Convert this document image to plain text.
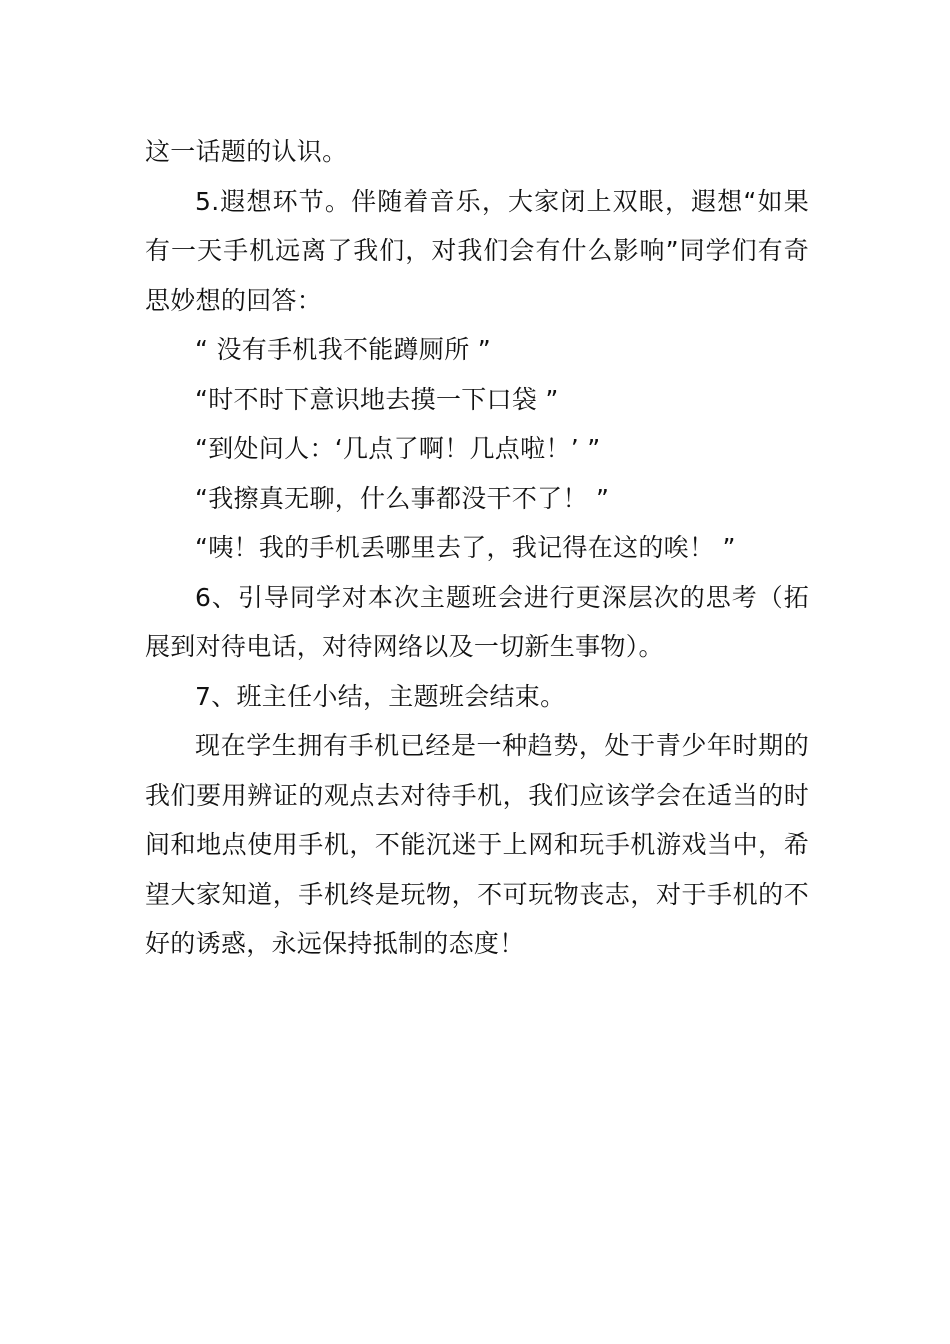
这一话题的认识。

5.遐想环节。伴随着音乐，大家闭上双眼，遐想“如果有一天手机远离了我们，对我们会有什么影响”同学们有奇思妙想的回答：

“ 没有手机我不能蹲厕所 ”

“时不时下意识地去摸一下口袋 ”

“到处问人：‘几点了啊！几点啦！’ ”

“我擦真无聊，什么事都没干不了！ ”

“咦！我的手机丢哪里去了，我记得在这的唉！ ”

6、引导同学对本次主题班会进行更深层次的思考（拓展到对待电话，对待网络以及一切新生事物）。

7、班主任小结，主题班会结束。

现在学生拥有手机已经是一种趋势，处于青少年时期的我们要用辨证的观点去对待手机，我们应该学会在适当的时间和地点使用手机，不能沉迷于上网和玩手机游戏当中，希望大家知道，手机终是玩物，不可玩物丧志，对于手机的不好的诱惑，永远保持抵制的态度！
